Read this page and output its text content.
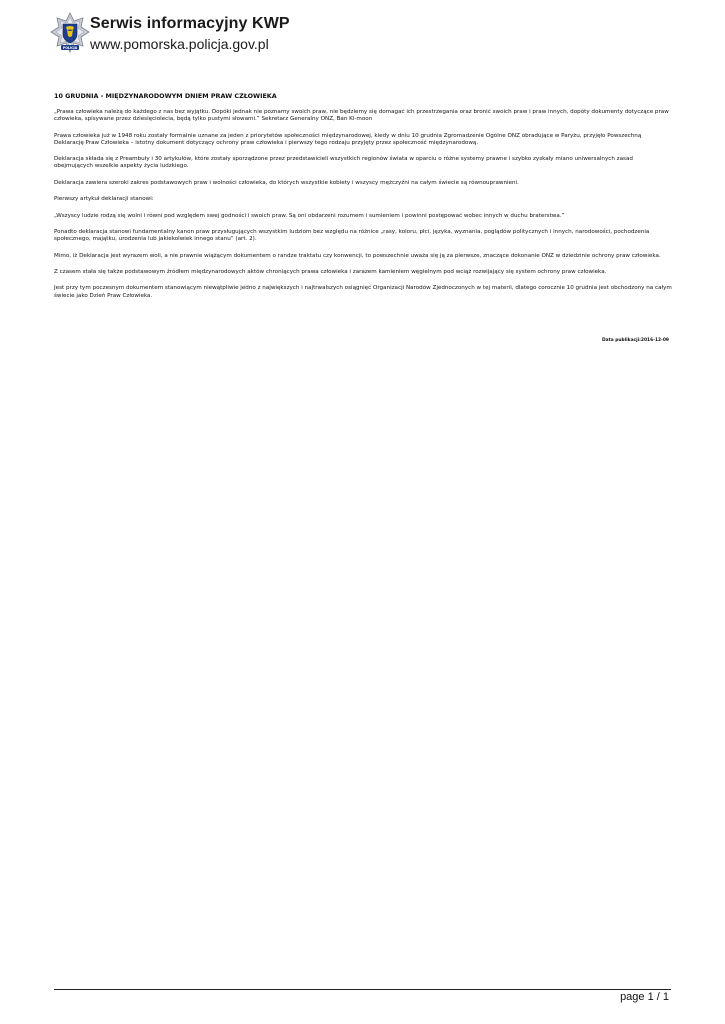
POLICJA
Serwis informacyjny KWP
www.pomorska.policja.gov.pl
10 GRUDNIA - MIĘDZYNARODOWYM DNIEM PRAW CZŁOWIEKA

„Prawa człowieka należą do każdego z nas bez wyjątku. Dopóki jednak nie poznamy swoich praw, nie będziemy się domagać ich przestrzegania oraz bronić swoich praw i praw innych, dopóty dokumenty dotyczące praw człowieka, spisywane przez dziesięciolecia, będą tylko pustymi słowami.” Sekretarz Generalny ONZ, Ban Ki-moon

Prawa człowieka już w 1948 roku zostały formalnie uznane za jeden z priorytetów społeczności międzynarodowej, kiedy w dniu 10 grudnia Zgromadzenie Ogólne ONZ obradujące w Paryżu, przyjęło Powszechną Deklarację Praw Człowieka – istotny dokument dotyczący ochrony praw człowieka i pierwszy tego rodzaju przyjęty przez społeczność międzynarodową.

Deklaracja składa się z Preambuły i 30 artykułów, które zostały sporządzone przez przedstawicieli wszystkich regionów świata w oparciu o różne systemy prawne i szybko zyskały miano uniwersalnych zasad obejmujących wszelkie aspekty życia ludzkiego.

Deklaracja zawiera szeroki zakres podstawowych praw i wolności człowieka, do których wszystkie kobiety i wszyscy mężczyźni na całym świecie są równouprawnieni.

Pierwszy artykuł deklaracji stanowi:

„Wszyscy ludzie rodzą się wolni i równi pod względem swej godności i swoich praw. Są oni obdarzeni rozumem i sumieniem i powinni postępować wobec innych w duchu braterstwa.”

Ponadto deklaracja stanowi fundamentalny kanon praw przysługujących wszystkim ludziom bez względu na różnice „rasy, koloru, płci, języka, wyznania, poglądów politycznych i innych, narodowości, pochodzenia społecznego, majątku, urodzenia lub jakiekolwiek innego stanu” (art. 2).

Mimo, iż Deklaracja jest wyrazem woli, a nie prawnie wiążącym dokumentem o randze traktatu czy konwencji, to powszechnie uważa się ją za pierwsze, znaczące dokonanie ONZ w dziedzinie ochrony praw człowieka.

Z czasem stała się także podstawowym źródłem międzynarodowych aktów chroniących prawa człowieka i zarazem kamieniem węgielnym pod wciąż rozwijający się system ochrony praw człowieka.

Jest przy tym poczesnym dokumentem stanowiącym niewątpliwie jedno z największych i najtrwalszych osiągnięć Organizacji Narodów Zjednoczonych w tej materii, dlatego corocznie 10 grudnia jest obchodzony na całym świecie jako Dzień Praw Człowieka.

Data publikacji:2016-12-09
page 1 / 1
